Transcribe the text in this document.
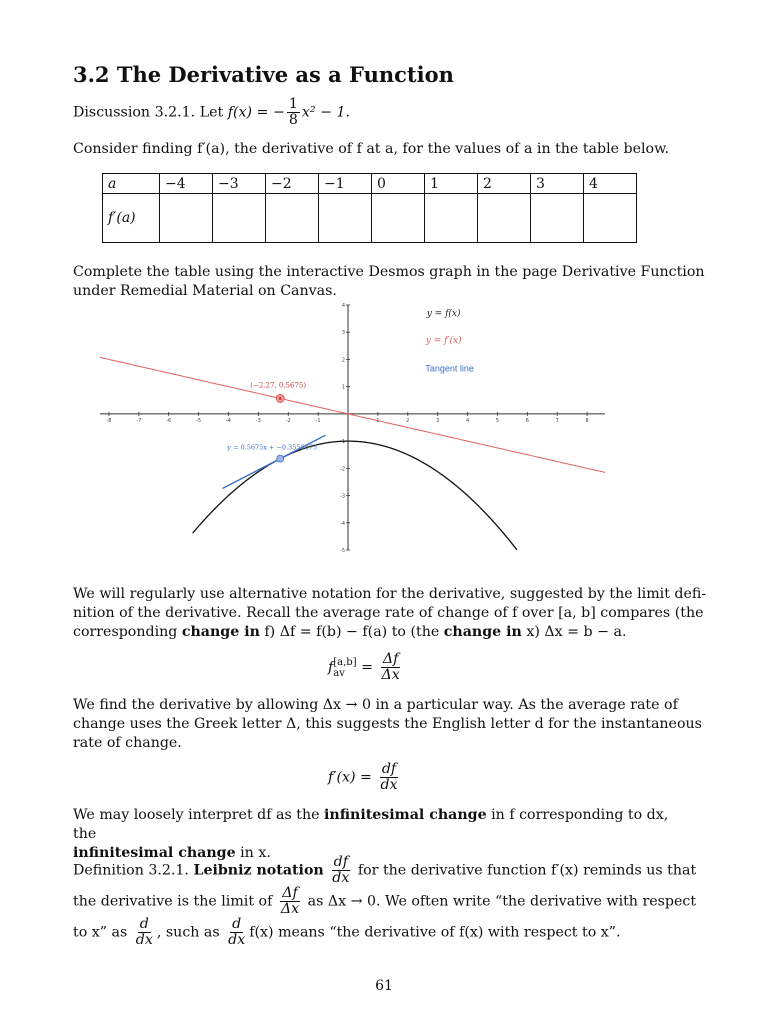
3.2 The Derivative as a Function
Discussion 3.2.1. Let f(x) = − $\frac{1}{8} x^2 - 1$.
Consider finding f′(a), the derivative of f at a, for the values of a in the table below.
a	−4	−3	−2	−1	0	1	2	3	4
f′(a)									
Complete the table using the interactive Desmos graph in the page Derivative Function
under Remedial Material on Canvas.
-8	-7	-6	-5	-4	-3	-2	-1	1	2	3	4	5	6	7	8
4
3
2
1
-1
-2
-3
-4
-5
(−2.27, 0.5675)
y = 0.5675x + −0.3558875
y = f(x)
y = f′(x)
Tangent line
We will regularly use alternative notation for the derivative, suggested by the limit defi-
nition of the derivative. Recall the average rate of change of f over [a, b] compares (the
corresponding change in f) Δf = f(b) − f(a) to (the change in x) Δx = b − a.
f [a,b]
av	= $\frac{\Delta f}{\Delta x}$
We find the derivative by allowing Δx → 0 in a particular way. As the average rate of
change uses the Greek letter Δ, this suggests the English letter d for the instantaneous
rate of change.
$f'(x) = \frac{df}{dx}$
We may loosely interpret df as the infinitesimal change in f corresponding to dx, the
infinitesimal change in x.
Definition 3.2.1. Leibniz notation $\frac{df}{dx}$ for the derivative function f′(x) reminds us that
the derivative is the limit of $\frac{\Delta f}{\Delta x}$ as Δx → 0. We often write “the derivative with respect
to x” as $\frac{d}{dx}$ , such as $\frac{d}{dx} f(x)$ means “the derivative of f(x) with respect to x”.
61
